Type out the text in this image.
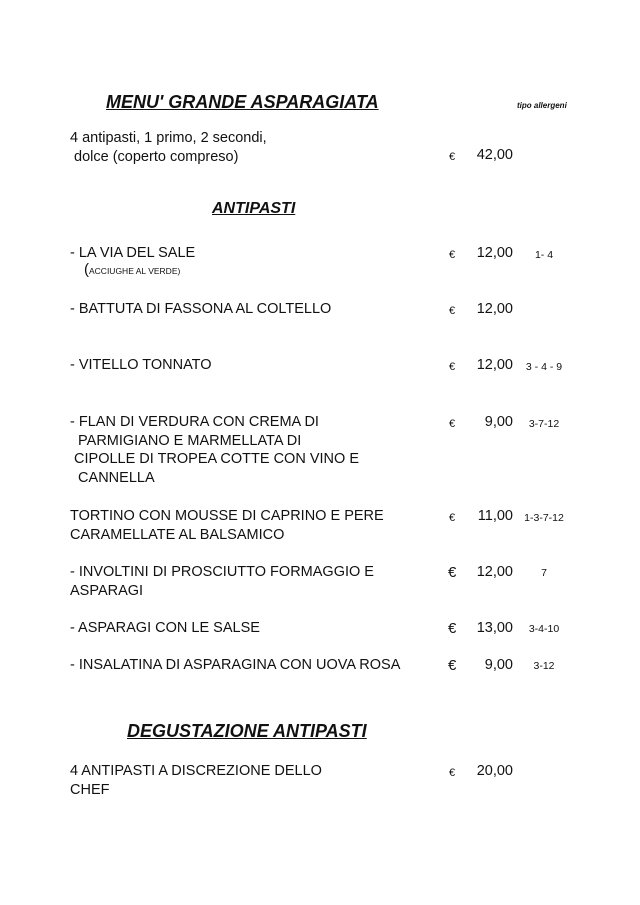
MENU' GRANDE ASPARAGIATA	tipo allergeni
4 antipasti, 1 primo, 2 secondi,
dolce (coperto compreso)	€	42,00
ANTIPASTI
- LA VIA DEL SALE
(ACCIUGHE AL VERDE)
€	12,00	1- 4
- BATTUTA DI FASSONA AL COLTELLO	€	12,00
- VITELLO TONNATO	€	12,00	3 - 4 - 9
- FLAN DI VERDURA CON CREMA DI
PARMIGIANO E MARMELLATA DI
CIPOLLE DI TROPEA COTTE CON VINO E
CANNELLA
€	9,00	3-7-12
TORTINO CON MOUSSE DI CAPRINO E PERE
CARAMELLATE AL BALSAMICO
€	11,00	1-3-7-12
- INVOLTINI DI PROSCIUTTO FORMAGGIO E
ASPARAGI
€	12,00	7
- ASPARAGI CON LE SALSE	€	13,00	3-4-10
- INSALATINA DI ASPARAGINA CON UOVA ROSA	€	9,00	3-12
DEGUSTAZIONE ANTIPASTI
4 ANTIPASTI A DISCREZIONE DELLO
CHEF
€	20,00
